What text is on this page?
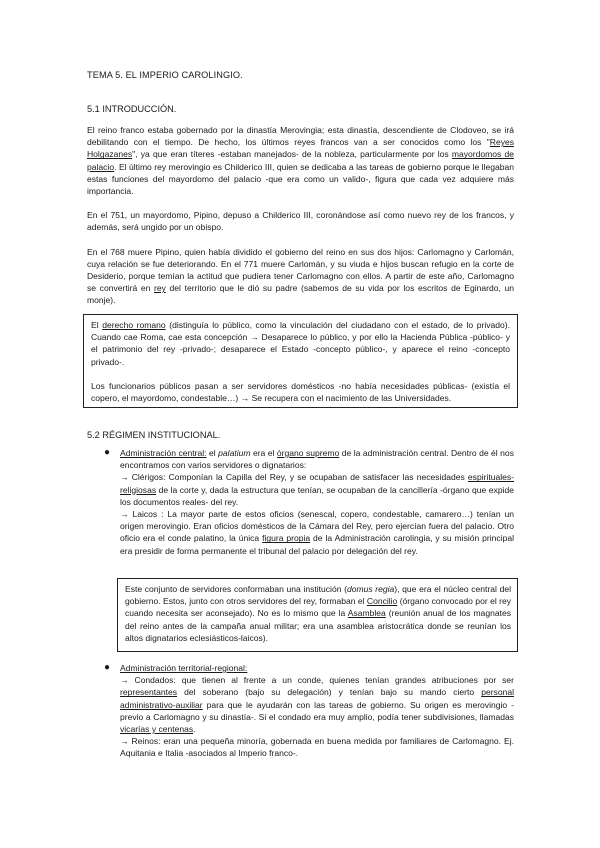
TEMA 5. EL IMPERIO CAROLINGIO.
5.1 INTRODUCCIÓN.

El reino franco estaba gobernado por la dinastía Merovingia; esta dinastía, descendiente de Clodoveo, se irá debilitando con el tiempo. De hecho, los últimos reyes francos van a ser conocidos como los "Reyes Holgazanes", ya que eran títeres -estaban manejados- de la nobleza, particularmente por los mayordomos de palacio. El último rey merovingio es Childerico III, quien se dedicaba a las tareas de gobierno porque le llegaban estas funciones del mayordomo del palacio -que era como un valido-, figura que cada vez adquiere más importancia.

En el 751, un mayordomo, Pipino, depuso a Childerico III, coronándose así como nuevo rey de los francos, y además, será ungido por un obispo.

En el 768 muere Pipino, quien había dividido el gobierno del reino en sus dos hijos: Carlomagno y Carlomán, cuya relación se fue deteriorando. En el 771 muere Carlomán, y su viuda e hijos buscan refugio en la corte de Desiderio, porque temían la actitud que pudiera tener Carlomagno con ellos. A partir de este año, Carlomagno se convertirá en rey del territorio que le dió su padre (sabemos de su vida por los escritos de Eginardo, un monje).

El derecho romano (distinguía lo público, como la vinculación del ciudadano con el estado, de lo privado). Cuando cae Roma, cae esta concepción → Desaparece lo público, y por ello la Hacienda Pública -público- y el patrimonio del rey -privado-; desaparece el Estado -concepto público-, y aparece el reino -concepto privado-.

Los funcionarios públicos pasan a ser servidores domésticos -no había necesidades públicas- (existía el copero, el mayordomo, condestable…) → Se recupera con el nacimiento de las Universidades.

5.2 RÉGIMEN INSTITUCIONAL.
● Administración central: el palatium era el órgano supremo de la administración central. Dentro de él nos encontramos con varios servidores o dignatarios:

→ Clérigos: Componían la Capilla del Rey, y se ocupaban de satisfacer las necesidades espirituales-religiosas de la corte y, dada la estructura que tenían, se ocupaban de la cancillería -órgano que expide los documentos reales- del rey.

→ Laicos : La mayor parte de estos oficios (senescal, copero, condestable, camarero…) tenían un origen merovingio. Eran oficios domésticos de la Cámara del Rey, pero ejercían fuera del palacio. Otro oficio era el conde palatino, la única figura propia de la Administración carolingia, y su misión principal era presidir de forma permanente el tribunal del palacio por delegación del rey.

Este conjunto de servidores conformaban una institución (domus regia), que era el núcleo central del gobierno. Estos, junto con otros servidores del rey, formaban el Concilio (órgano convocado por el rey cuando necesita ser aconsejado). No es lo mismo que la Asamblea (reunión anual de los magnates del reino antes de la campaña anual militar; era una asamblea aristocrática donde se reunían los altos dignatarios eclesiásticos-laicos).

● Administración territorial-regional:

→ Condados: que tienen al frente a un conde, quienes tenían grandes atribuciones por ser representantes del soberano (bajo su delegación) y tenían bajo su mando cierto personal administrativo-auxiliar para que le ayudarán con las tareas de gobierno. Su origen es merovingio -previo a Carlomagno y su dinastía-. Si el condado era muy amplio, podía tener subdivisiones, llamadas vicarías y centenas.

→ Reinos: eran una pequeña minoría, gobernada en buena medida por familiares de Carlomagno. Ej. Aquitania e Italia -asociados al Imperio franco-.
